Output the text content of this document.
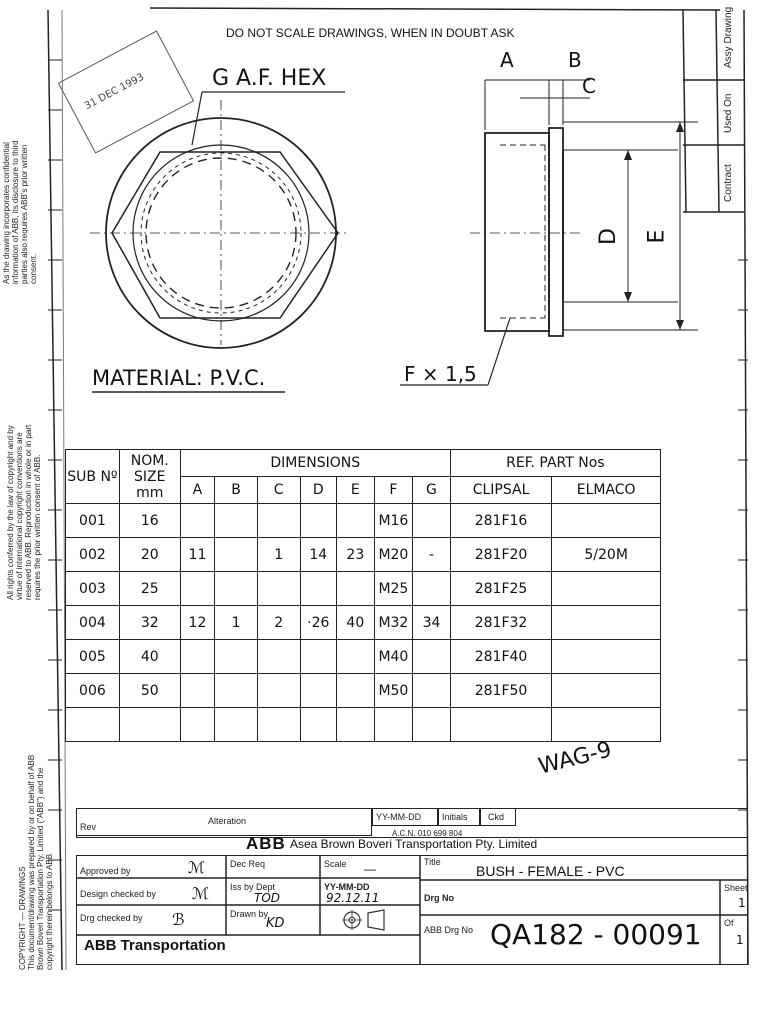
DO NOT SCALE DRAWINGS, WHEN IN DOUBT ASK
31 DEC 1993
Assy Drawing
Used On
Contract
As the drawing incorporates confidential
information of ABB, its disclosure to third
parties also requires ABB's prior written
consent.
All rights conferred by the law of copyright and by
virtue of international copyright conventions are
reserved to ABB. Reproduction in whole or in part
requires the prior written consent of ABB.
COPYRIGHT — DRAWINGS
This document/drawing was prepared by or on behalf of ABB
Brown Boveri Transportation Pty. Limited ("ABB") and the
copyright therein belongs to ABB
G A.F. HEX
A	B
C
D E
F × 1,5
MATERIAL: P.V.C.
SUB Nº	NOM. SIZE mm	DIMENSIONS							REF. PART Nos	
		A	B	C	D	E	F	G	CLIPSAL	ELMACO
001	16						M16		281F16	
002	20	11		1	14	23	M20	-	281F20	5/20M
003	25						M25		281F25	
004	32	12	1	2	·26	40	M32	34	281F32	
005	40						M40		281F40	
006	50						M50		281F50	

WAG-9
Rev
Alteration	YY-MM-DD Initials Ckd
A.C.N. 010 699 804
ABB Asea Brown Boveri Transportation Pty. Limited
Approved by	ℳ	Dec Req	Scale —	Title
BUSH - FEMALE - PVC
Design checked by ℳ Iss by Dept
TOD
YY-MM-DD
92.12.11	Drg No
Sheet
1
Drg checked by ℬ	Drawn by
KD
ABB Transportation
ABB Drg No QA182 - 00091 Of
1
